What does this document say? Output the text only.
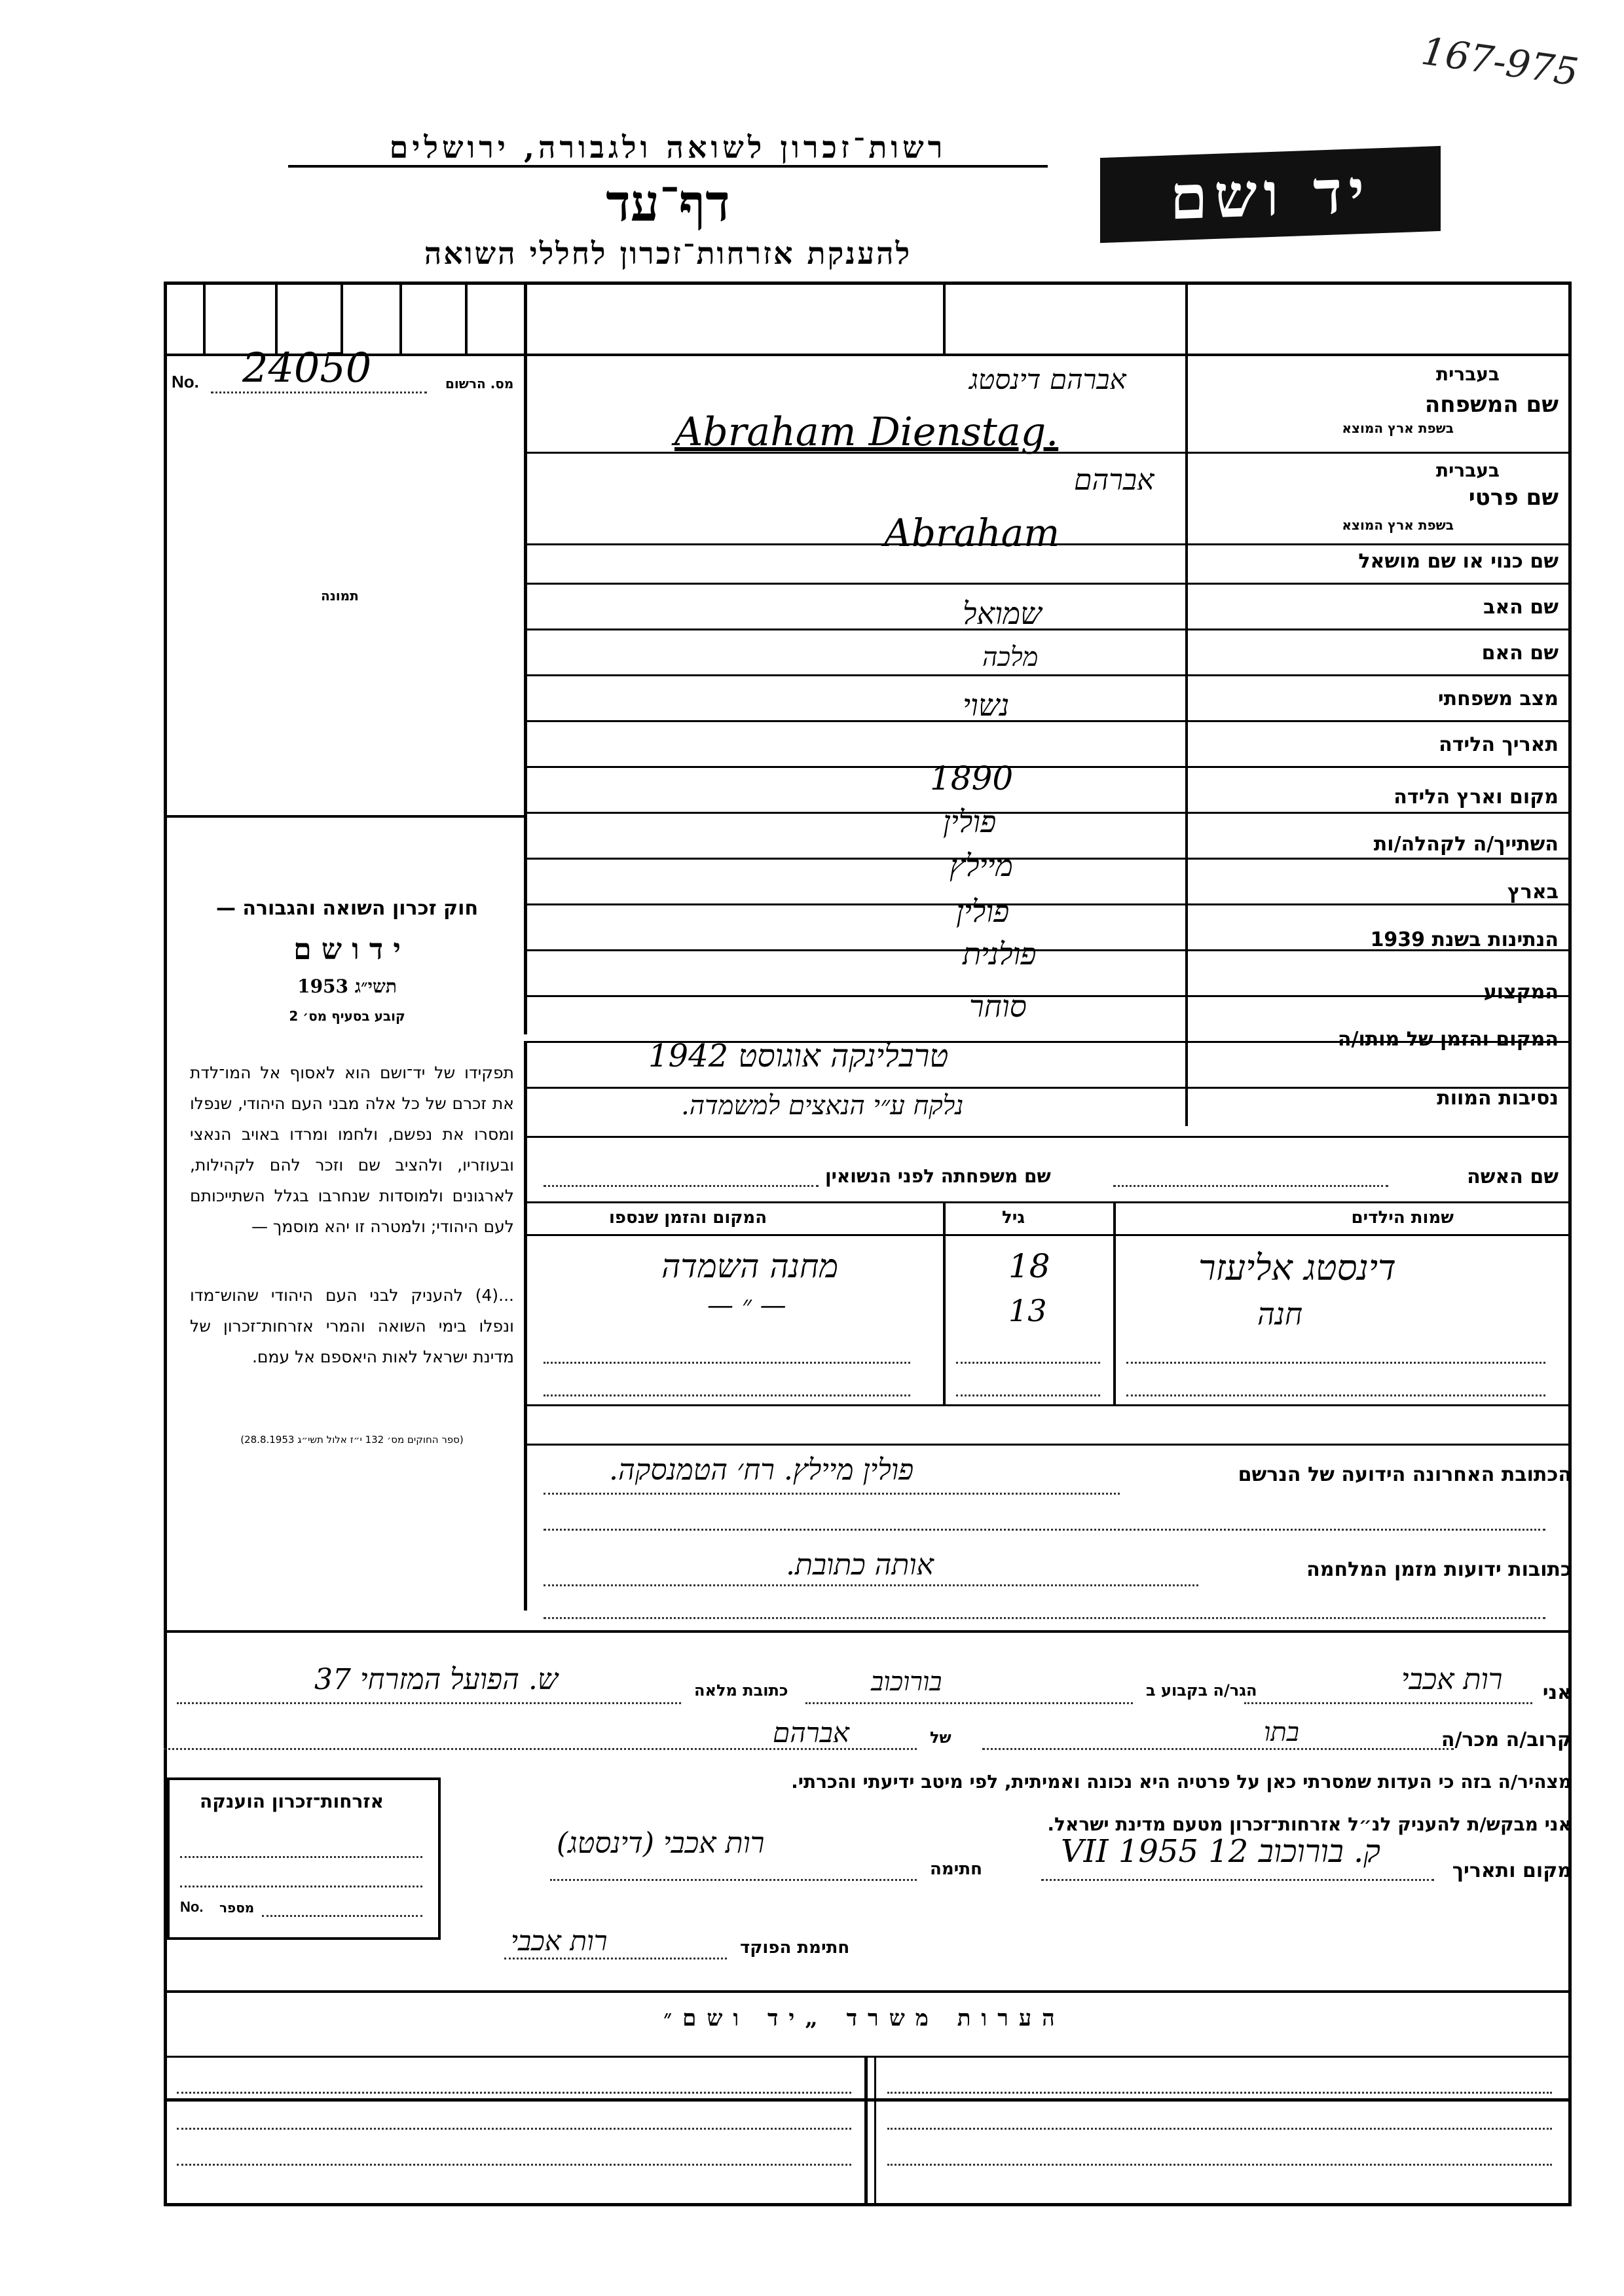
167-975
רשות־זכרון לשואה ולגבורה, ירושלים
דף־עד
להענקת אזרחות־זכרון לחללי השואה
יד ושם
מס. הרשום
No. 24050
תמונה
חוק זכרון השואה והגבורה —
י ד ו ש ם
תשי״ג 1953
קובע בסעיף מס׳ 2
תפקידו של יד־ושם הוא לאסוף אל המו־לדת את זכרם של כל אלה מבני העם היהודי, שנפלו ומסרו את נפשם, ולחמו ומרדו באויב הנאצי ובעוזריו, ולהציב שם וזכר להם לקהילות, לארגונים ולמוסדות שנחרבו בגלל השתייכותם לעם היהודי; ולמטרה זו יהא מוסמך —
...(4) להעניק לבני העם היהודי שהוש־מדו ונפלו בימי השואה והמרי אזרחות־זכרון של מדינת ישראל לאות היאספם אל עמם.
(ספר החוקים מס׳ 132 י״ז אלול תשי״ג 28.8.1953)
שם המשפחה
בעברית
בשפת ארץ המוצא
אברהם דינסטג
Abraham Dienstag.
שם פרטי
בעברית
בשפת ארץ המוצא
אברהם
Abraham
שם כנוי או שם מושאל
שם האב
שמואל
שם האם
מלכה
מצב משפחתי
נשוי
תאריך הלידה
1890	מקום וארץ הלידה
פולין
השתייך/ה לקהלה/ות
מיילץ
בארץ
פולין
הנתינות בשנת 1939
פולנית
המקצוע
סוחר
המקום והזמן של מותו/ה
טרבלינקה אוגוסט 1942
נסיבות המוות
נלקח ע״י הנאצים למשמדה.
שם האשה
שם משפחתה לפני הנשואין
שמות הילדים
גיל
המקום והזמן שנספו
דינסטג אליעזר
18
מחנה השמדה
חנה
13
— ״ —
הכתובת האחרונה הידועה של הנרשם
פולין מיילץ. רח׳ הטמנסקה.
כתובות ידועות מזמן המלחמה
אותה כתובת.
אני
רות אכבי
הגר/ה בקבוע ב
בורוכוב
כתובת מלאה
ש. הפועל המזרחי 37
קרוב/ה מכר/ה
בתו
של
אברהם
מצהיר/ה בזה כי העדות שמסרתי כאן על פרטיה היא נכונה ואמיתית, לפי מיטב ידיעתי והכרתי.
אני מבקש/ת להעניק לנ״ל אזרחות־זכרון מטעם מדינת ישראל.
מקום ותאריך
ק. בורוכוב 12 VII 1955
חתימה
רות אכבי (דינסטג)
חתימת הפוקד
רות אכבי
אזרחות־זכרון הוענקה
No. מספר
הערות משרד „יד ושם״
